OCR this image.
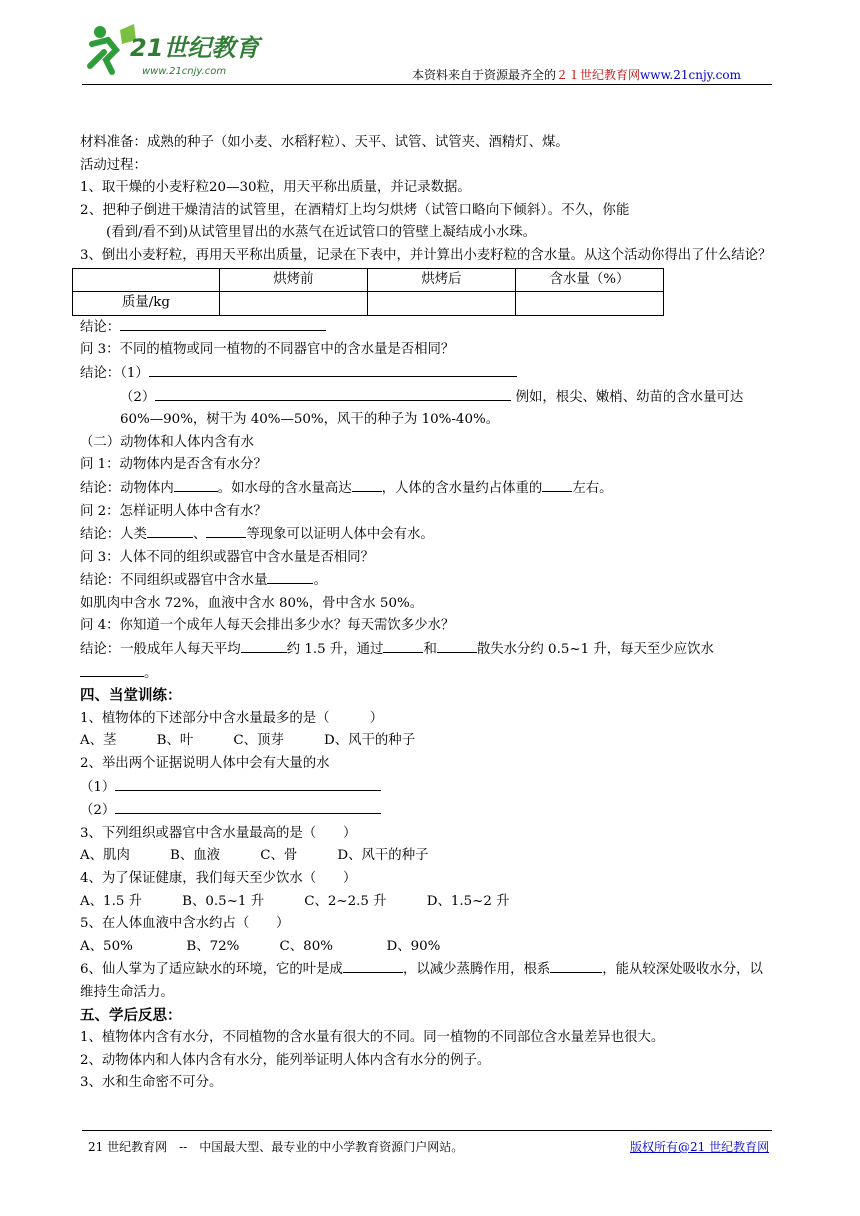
21世纪教育
www.21cnjy.com	本资料来自于资源最齐全的２１世纪教育网www.21cnjy.com

材料准备：成熟的种子（如小麦、水稻籽粒）、天平、试管、试管夹、酒精灯、煤。

活动过程：

1、取干燥的小麦籽粒20—30粒，用天平称出质量，并记录数据。

2、把种子倒进干燥清洁的试管里，在酒精灯上均匀烘烤（试管口略向下倾斜）。不久，你能

(看到/看不到)从试管里冒出的水蒸气在近试管口的管壁上凝结成小水珠。

3、倒出小麦籽粒，再用天平称出质量，记录在下表中，并计算出小麦籽粒的含水量。从这个活动你得出了什么结论？

	烘烤前	烘烤后	含水量（%）
质量/kg			

结论：

问 3：不同的植物或同一植物的不同器官中的含水量是否相同？

结论：（1）

（2）	例如，根尖、嫩梢、幼苗的含水量可达60%—90%，树干为 40%—50%，风干的种子为 10%-40%。

（二）动物体和人体内含有水

问 1：动物体内是否含有水分？

结论：动物体内	。如水母的含水量高达 ，人体的含水量约占体重的 左右。

问 2：怎样证明人体中含有水？

结论：人类	、	等现象可以证明人体中会有水。

问 3：人体不同的组织或器官中含水量是否相同？

结论：不同组织或器官中含水量	。

如肌肉中含水 72%，血液中含水 80%，骨中含水 50%。

问 4：你知道一个成年人每天会排出多少水？每天需饮多少水？

结论：一般成年人每天平均	约 1.5 升，通过	和	散失水分约 0.5~1 升，每天至少应饮水。

四、当堂训练：

1、植物体的下述部分中含水量最多的是（　　　）

A、茎　　　B、叶　　　C、顶芽　　　D、风干的种子

2、举出两个证据说明人体中会有大量的水

（1）

（2）

3、下列组织或器官中含水量最高的是（　　）

A、肌肉　　　B、血液　　　C、骨　　　D、风干的种子

4、为了保证健康，我们每天至少饮水（　　）

A、1.5 升　　　B、0.5~1 升　　　C、2~2.5 升　　　D、1.5~2 升

5、在人体血液中含水约占（　　）

A、50%　　　　B、72%　　　C、80%　　　　D、90%

6、仙人掌为了适应缺水的环境，它的叶是成	，以减少蒸腾作用，根系	，能从较深处吸收水分，以维持生命活力。

五、学后反思：

1、植物体内含有水分，不同植物的含水量有很大的不同。同一植物的不同部位含水量差异也很大。

2、动物体内和人体内含有水分，能列举证明人体内含有水分的例子。

3、水和生命密不可分。

21 世纪教育网　--　中国最大型、最专业的中小学教育资源门户网站。	版权所有@21 世纪教育网
